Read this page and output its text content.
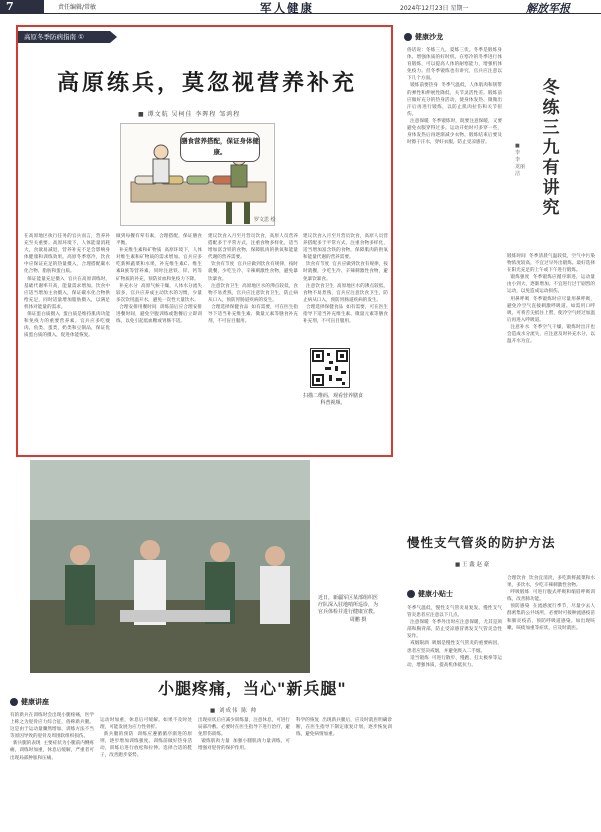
7	责任编辑/常敏	军人健康	2024年12月23日 星期一	解放军报
高原冬季防病指南 ①
高原练兵，莫忽视营养补充
■ 谭文航 吴柯佳 李晖程 邹鸿程
膳食营养搭配，保证身体健康。
罗文思 绘
在高原地区执行任务的官兵而言，营养补充至关重要。高原环境下，人体能量消耗大，食欲易减退，营养补充不足会影响身体健康和训练效果。高原冬季寒冷，饮食中应保证充足的热量摄入，合理搭配碳水化合物、脂肪和蛋白质。
保证能量充足摄入  官兵在高原训练时，基础代谢率升高，能量需求增加。饮食中应适当增加主食摄入，保证碳水化合物供给充足，同时适量增加脂肪摄入，以满足机体对能量的需求。
保证蛋白质摄入  蛋白质是维持肌肉功能和免疫力的重要营养素。官兵应多吃瘦肉、鱼类、蛋类、奶类和豆制品，保证优质蛋白质的摄入，促进体能恢复。
做到每餐有荤有素，合理搭配，保证膳食平衡。
补充维生素和矿物质  高原环境下，人体对维生素和矿物质的需求增加。官兵应多吃新鲜蔬菜和水果，补充维生素C、维生素B族等营养素，同时注意铁、锌、钙等矿物质的补充，预防贫血和免疫力下降。
补充水分  高原气候干燥，人体水分流失较多，官兵应养成主动饮水的习惯，少量多次饮用温开水，避免一次性大量饮水。
合理安排用餐时间  训练前后应合理安排进餐时间，避免空腹训练或饱餐后立即训练，以免引起低血糖或胃肠不适。
建议饮食入月至月营员饮食，高原人员营养搭配多于平常方式，注重食物多样化，适当增加富含铁的食物，保障肌肉的供氧和能量代谢的营养需要。
饮食有节度  官兵应做到饮食有规律，按时就餐，少吃生冷、辛辣刺激性食物，避免暴饮暴食。
注意饮食卫生  高原地区水的沸点较低，食物不易煮熟，官兵应注意饮食卫生，防止病从口入，预防胃肠道疾病的发生。
合理选择保健食品  如有需要，可在医生指导下适当补充维生素、微量元素等膳食补充剂，不可盲目服用。
建议饮食入月至月营员饮食，高原人员营养搭配多于平常方式，注重食物多样化，适当增加富含铁的食物，保障肌肉的供氧和能量代谢的营养需要。
饮食有节度  官兵应做到饮食有规律，按时就餐，少吃生冷、辛辣刺激性食物，避免暴饮暴食。
注意饮食卫生  高原地区水的沸点较低，食物不易煮熟，官兵应注意饮食卫生，防止病从口入，预防胃肠道疾病的发生。
合理选择保健食品  如有需要，可在医生指导下适当补充维生素、微量元素等膳食补充剂，不可盲目服用。
扫描二维码，观看营养膳食科普视频。
健康沙龙
冬练三九有讲究
■ 李 李 龙丽洁
俗话说：冬练三九，夏练三伏。冬季是锻炼身体、增强体质的好时机。在寒冷的冬季进行体育锻炼，可以提高人体的耐寒能力，增强机体免疫力。但冬季锻炼也有讲究，官兵应注意以下几个方面。
锻炼前要热身  冬季气温低，人体肌肉和韧带的弹性和伸展性降低，关节灵活性差。锻炼前应做好充分的热身活动，使身体发热、微微出汗后再进行锻炼，以防止肌肉拉伤和关节扭伤。
注意保暖  冬季锻炼时，既要注意保暖，又要避免衣服穿得过多。运动开始时可多穿一些，身体发热后再逐渐减少衣物。锻炼结束后要及时擦干汗水，穿好衣服，防止受凉感冒。
锻炼时间  冬季清晨气温较低，空气中污染物浓度较高，不宜过早外出锻炼。最好选择在阳光充足的上午或下午进行锻炼。
锻炼强度  冬季锻炼应循序渐进，运动量由小到大，逐渐增加。不宜进行过于剧烈的运动，以免造成运动损伤。
用鼻呼吸  冬季锻炼时应尽量用鼻呼吸，避免冷空气直接刺激呼吸道。如需用口呼吸，可将舌尖抵住上腭，使冷空气经过加温后再进入呼吸道。
注意补水  冬季空气干燥，锻炼时出汗也会造成水分流失，应注意及时补充水分，以温开水为宜。
近日，新疆军区某部组织医疗队深入驻地哨所巡诊，为官兵体检并进行健康宣教。
周鹏 摄
健康讲座
小腿疼痛，当心"新兵腿"
■ 刘成伟 陈 帅
有的新兵在训练时会出现小腿疼痛，医学上称之为胫骨应力综合征，俗称新兵腿。这是由于运动量骤然增加、训练方法不当等原因导致的胫骨及周围软组织损伤。
新兵腿的表现  主要症状为小腿前内侧疼痛，训练时加重，休息后缓解，严重者可出现局部肿胀和压痛。
运动时加重，休息后可缓解。如果不及时处理，可能发展为应力性骨折。
新兵腿的预防  训练应遵循循序渐进的原则，逐步增加训练强度。训练前做好热身活动，训练后进行放松和拉伸。选择合适的鞋子，改善跑步姿势。
出现症状后应减少训练量，注意休息，可进行局部冷敷。必要时在医生指导下进行治疗，避免带伤训练。
锻炼肌肉力量  加强小腿肌肉力量训练，可增强对胫骨的保护作用。
科学的恢复  出现新兵腿后，应及时就医明确诊断，在医生指导下制定康复计划，逐步恢复训练，避免病情加重。
慢性支气管炎的防护方法
■ 王 鑫 赵 豪
健康小贴士
冬季气温低，慢性支气管炎易复发。慢性支气管炎患者应注意以下几点。
注意保暖  冬季外出时应注意保暖，尤其是颈部和胸背部，防止受凉感冒诱发支气管炎急性发作。
戒烟限酒  吸烟是慢性支气管炎的重要病因，患者应坚决戒烟，并避免吸入二手烟。
适当锻炼  可进行散步、慢跑、打太极拳等运动，增强体质，提高机体抵抗力。
合理饮食  饮食宜清淡，多吃新鲜蔬菜和水果，多饮水，少吃辛辣刺激性食物。
呼吸锻炼  可进行腹式呼吸和缩唇呼吸训练，改善肺功能。
预防感染  在流感流行季节，尽量少去人群密集的公共场所，必要时可接种流感疫苗和肺炎疫苗，预防呼吸道感染。如出现咳嗽、咳痰加重等症状，应及时就医。
